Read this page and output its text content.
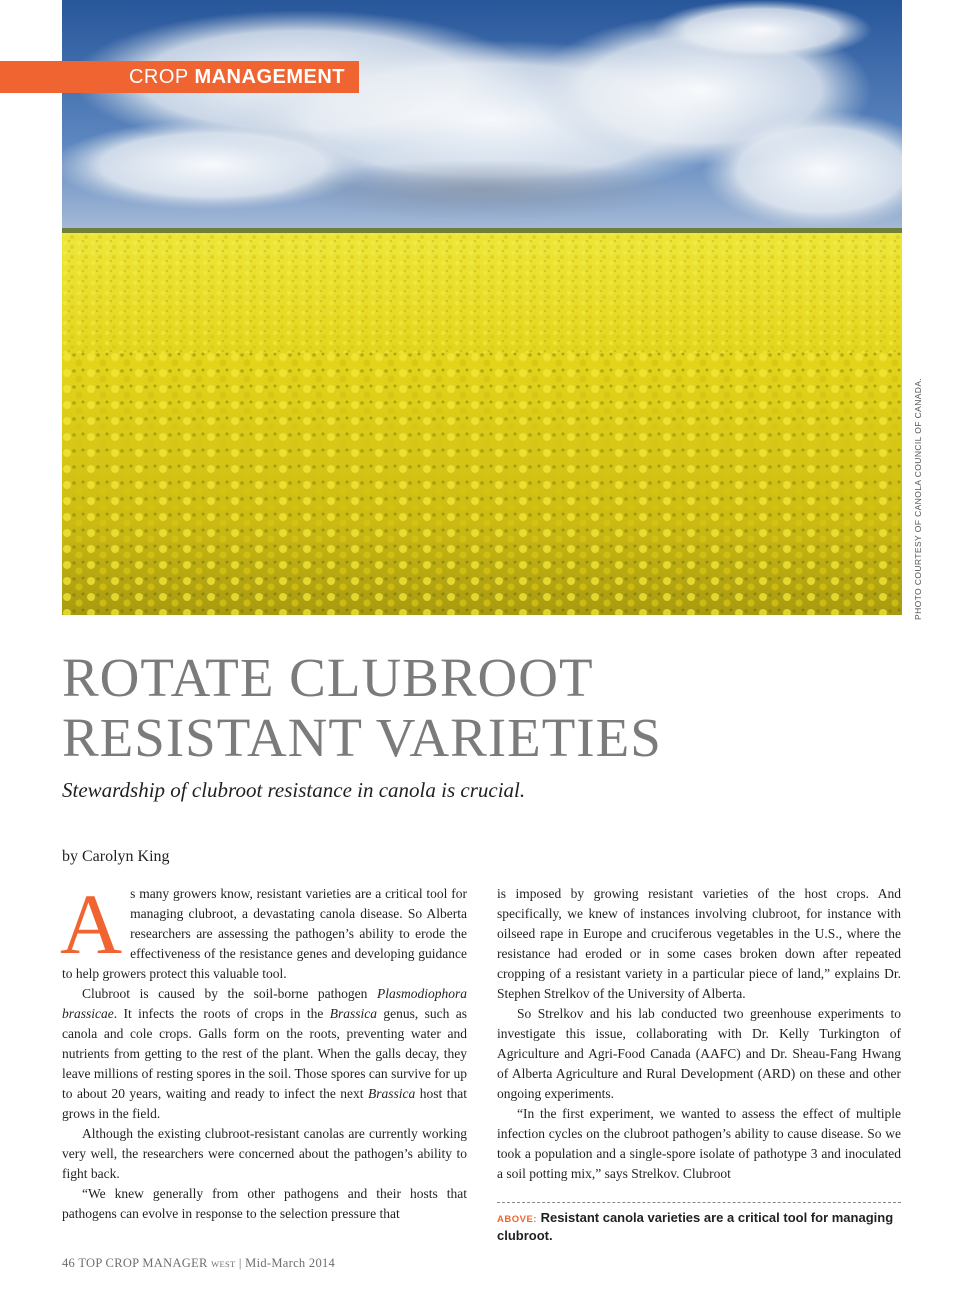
CROP MANAGEMENT
PHOTO COURTESY OF CANOLA COUNCIL OF CANADA.
ROTATE CLUBROOT
RESISTANT VARIETIES
Stewardship of clubroot resistance in canola is crucial.
by Carolyn King

As many growers know, resistant varieties are a critical tool for managing clubroot, a devastating canola disease. So Alberta researchers are assessing the pathogen’s ability to erode the effectiveness of the resistance genes and developing guidance to help growers protect this valuable tool.

Clubroot is caused by the soil-borne pathogen Plasmodiophora brassicae. It infects the roots of crops in the Brassica genus, such as canola and cole crops. Galls form on the roots, preventing water and nutrients from getting to the rest of the plant. When the galls decay, they leave millions of resting spores in the soil. Those spores can survive for up to about 20 years, waiting and ready to infect the next Brassica host that grows in the field.

Although the existing clubroot-resistant canolas are currently working very well, the researchers were concerned about the pathogen’s ability to fight back.

“We knew generally from other pathogens and their hosts that pathogens can evolve in response to the selection pressure that

is imposed by growing resistant varieties of the host crops. And specifically, we knew of instances involving clubroot, for instance with oilseed rape in Europe and cruciferous vegetables in the U.S., where the resistance had eroded or in some cases broken down after repeated cropping of a resistant variety in a particular piece of land,” explains Dr. Stephen Strelkov of the University of Alberta.

So Strelkov and his lab conducted two greenhouse experiments to investigate this issue, collaborating with Dr. Kelly Turkington of Agriculture and Agri-Food Canada (AAFC) and Dr. Sheau-Fang Hwang of Alberta Agriculture and Rural Development (ARD) on these and other ongoing experiments.

“In the first experiment, we wanted to assess the effect of multiple infection cycles on the clubroot pathogen’s ability to cause disease. So we took a population and a single-spore isolate of pathotype 3 and inoculated a soil potting mix,” says Strelkov. Clubroot

ABOVE: Resistant canola varieties are a critical tool for managing clubroot.
46 TOP CROP MANAGER WEST | Mid-March 2014
